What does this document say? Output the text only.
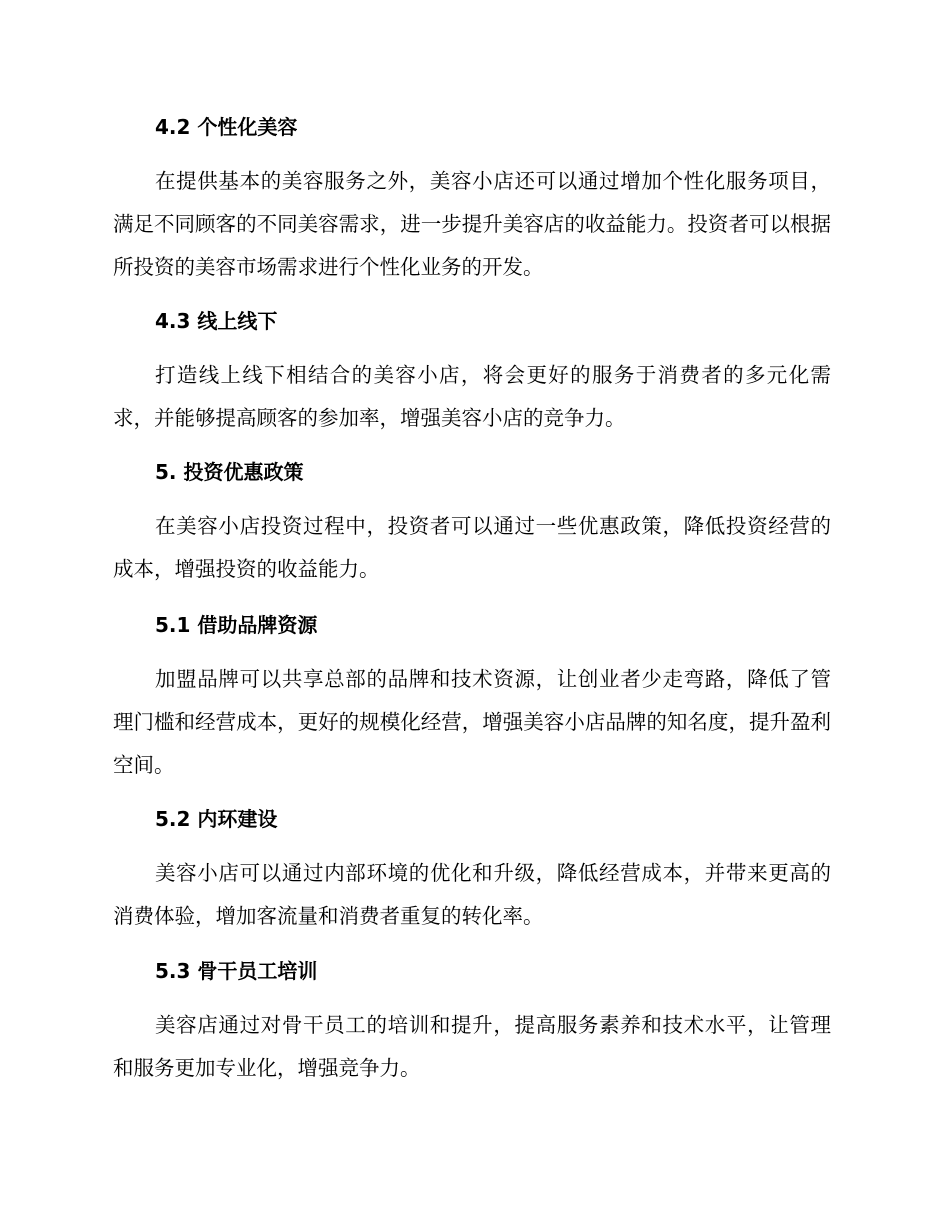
4.2 个性化美容

在提供基本的美容服务之外，美容小店还可以通过增加个性化服务项目，满足不同顾客的不同美容需求，进一步提升美容店的收益能力。投资者可以根据所投资的美容市场需求进行个性化业务的开发。

4.3 线上线下

打造线上线下相结合的美容小店，将会更好的服务于消费者的多元化需求，并能够提高顾客的参加率，增强美容小店的竞争力。

5. 投资优惠政策

在美容小店投资过程中，投资者可以通过一些优惠政策，降低投资经营的成本，增强投资的收益能力。

5.1 借助品牌资源

加盟品牌可以共享总部的品牌和技术资源，让创业者少走弯路，降低了管理门槛和经营成本，更好的规模化经营，增强美容小店品牌的知名度，提升盈利空间。

5.2 内环建设

美容小店可以通过内部环境的优化和升级，降低经营成本，并带来更高的消费体验，增加客流量和消费者重复的转化率。

5.3 骨干员工培训

美容店通过对骨干员工的培训和提升，提高服务素养和技术水平，让管理和服务更加专业化，增强竞争力。
